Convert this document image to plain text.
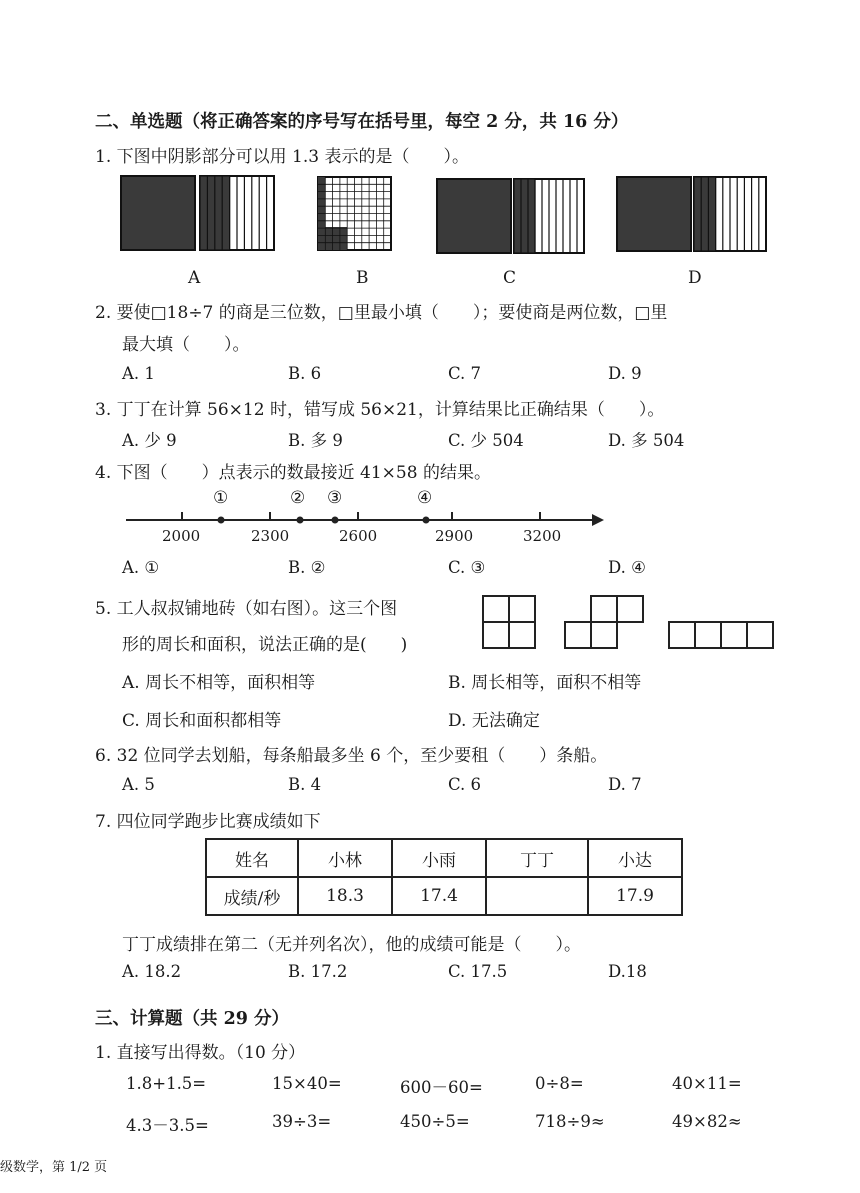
二、单选题（将正确答案的序号写在括号里，每空 2 分，共 16 分）
1. 下图中阴影部分可以用 1.3 表示的是（　　）。
A	B	C	D
2. 要使□18÷7 的商是三位数，□里最小填（　　）；要使商是两位数，□里
最大填（　　）。
A. 1	B. 6	C. 7	D. 9
3. 丁丁在计算 56×12 时，错写成 56×21，计算结果比正确结果（　　）。
A. 少 9	B. 多 9	C. 少 504	D. 多 504
4. 下图（　　）点表示的数最接近 41×58 的结果。
①	② ③	④
2000	2300	2600	2900	3200
A. ①	B. ②	C. ③	D. ④
5. 工人叔叔铺地砖（如右图）。这三个图
形的周长和面积，说法正确的是(　　)
A. 周长不相等，面积相等	B. 周长相等，面积不相等
C. 周长和面积都相等	D. 无法确定
6. 32 位同学去划船，每条船最多坐 6 个，至少要租（　　）条船。
A. 5	B. 4	C. 6	D. 7
7. 四位同学跑步比赛成绩如下
姓名	小林	小雨	丁丁	小达
成绩/秒	18.3	17.4		17.9
丁丁成绩排在第二（无并列名次），他的成绩可能是（　　）。
A. 18.2	B. 17.2	C. 17.5	D.18
三、计算题（共 29 分）
1. 直接写出得数。（10 分）
1.8+1.5=	15×40=	600－60=	0÷8=	40×11=
4.3－3.5=	39÷3=	450÷5=	718÷9≈	49×82≈
级数学，第 1/2 页
